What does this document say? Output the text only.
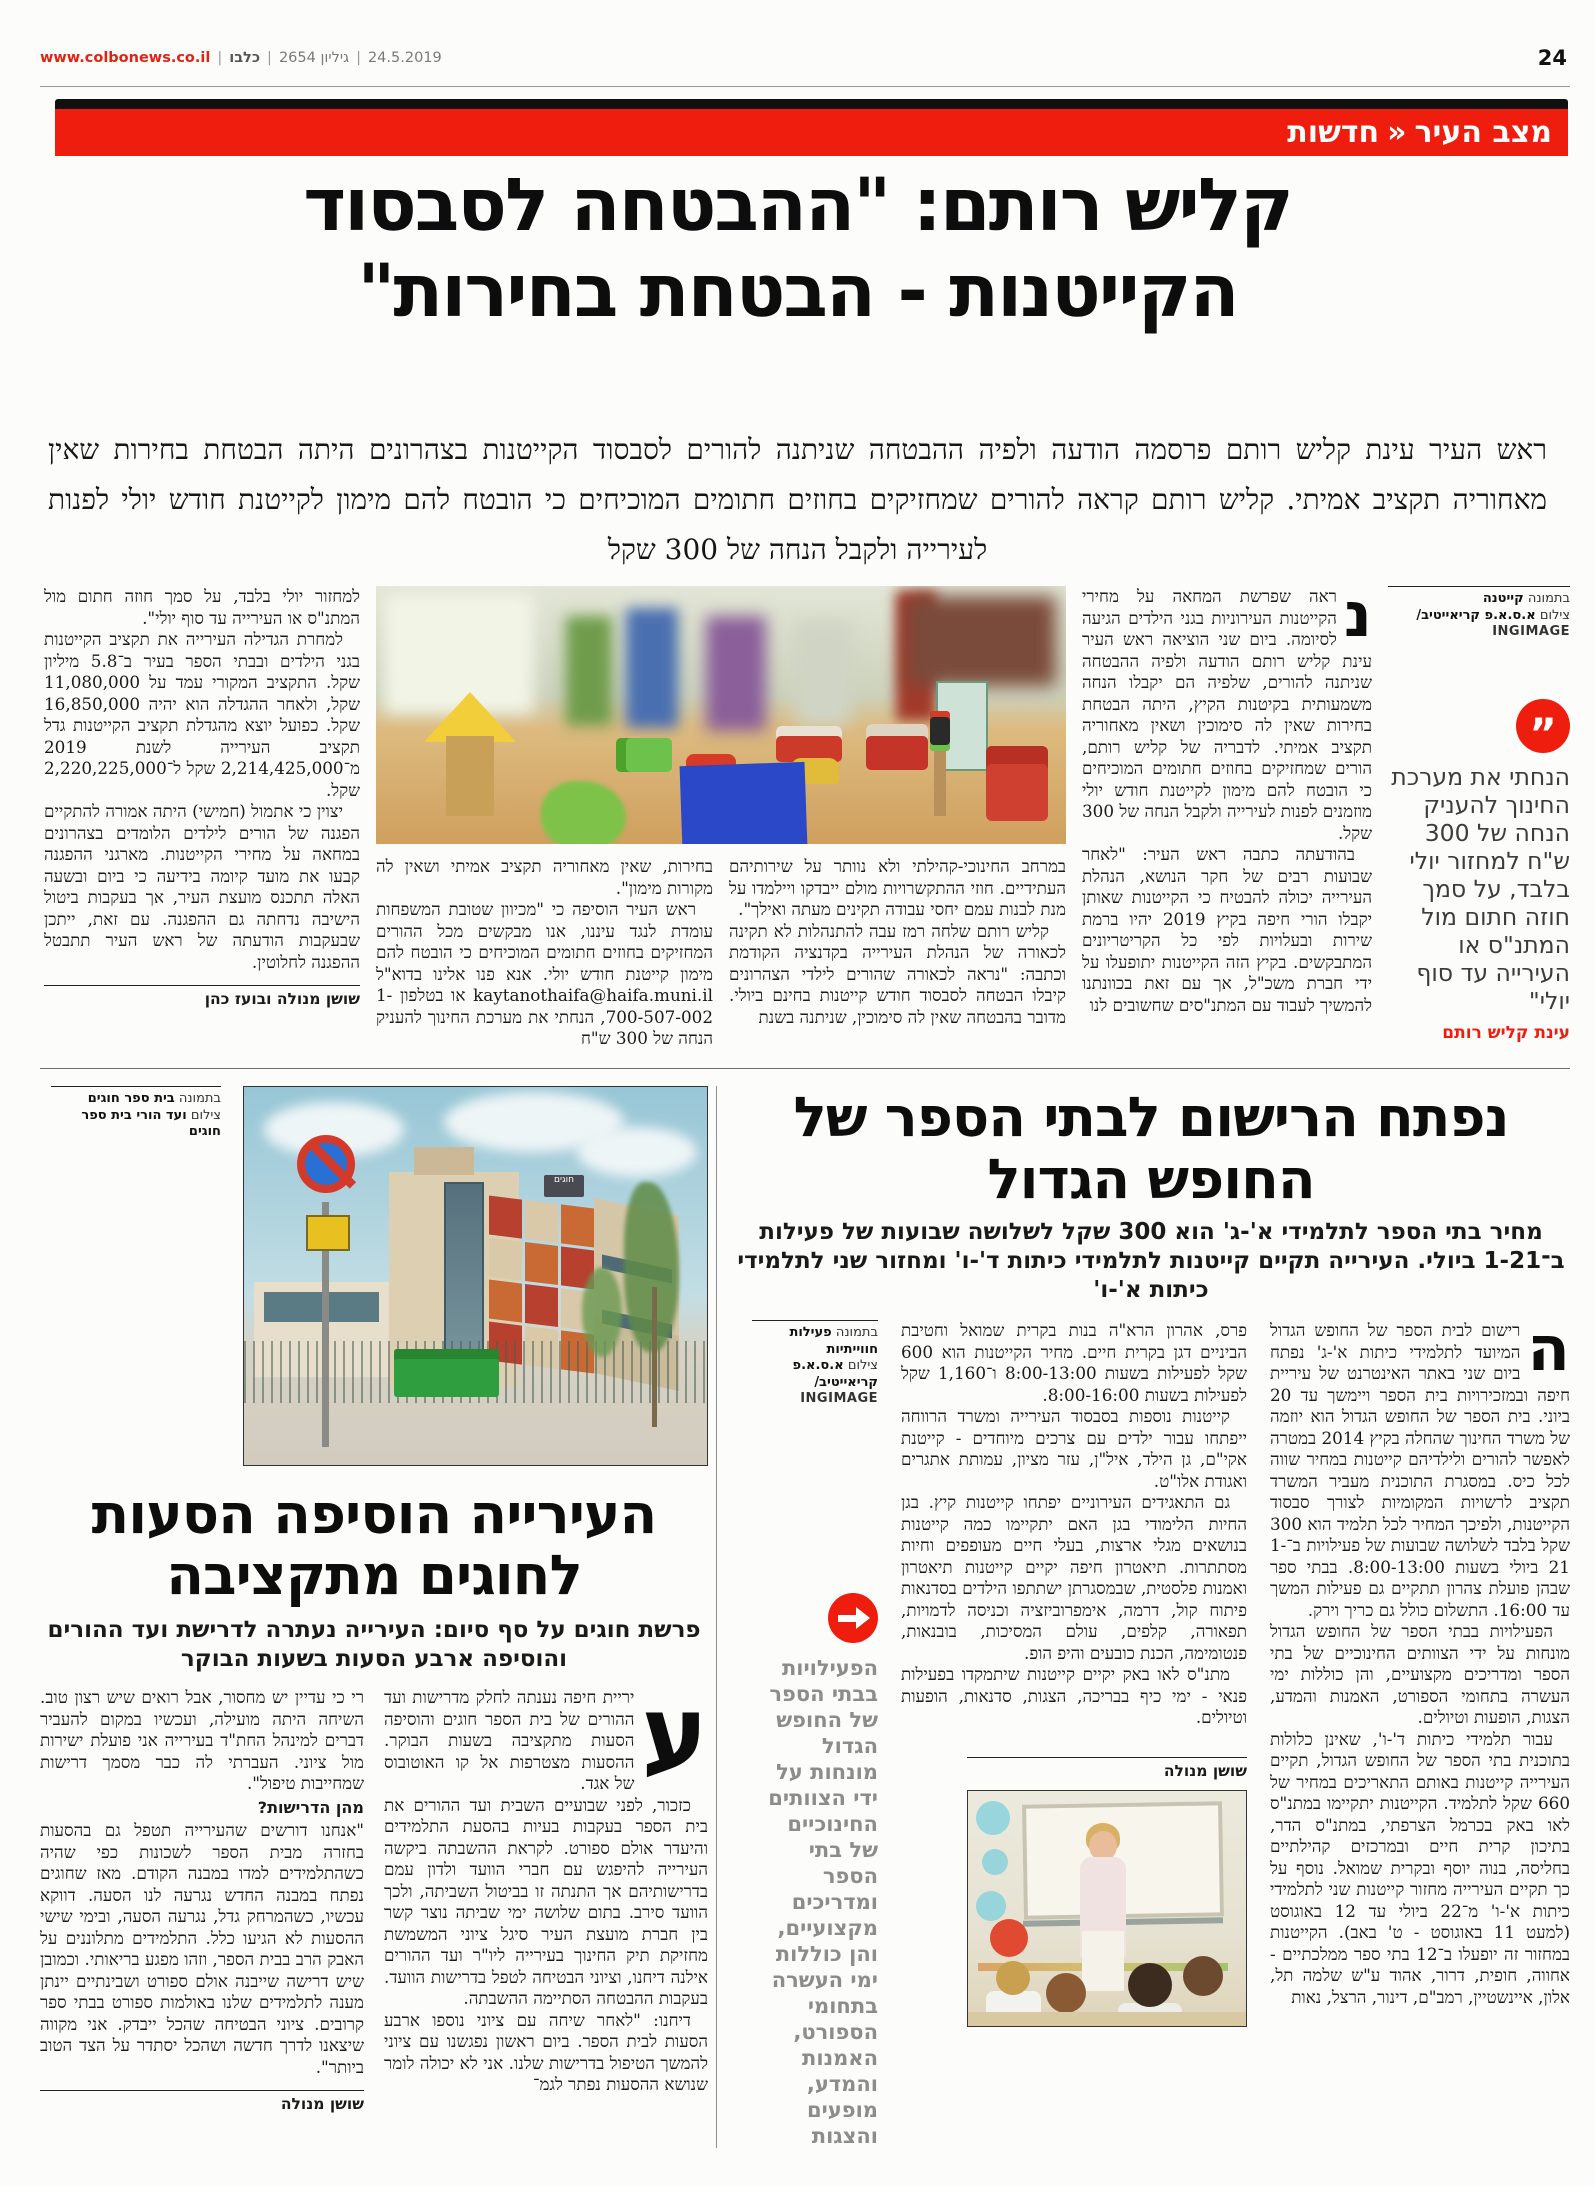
www.colbonews.co.il | כלבו | גיליון 2654 | 24.5.2019	24
מצב העיר
«
חדשות
קליש רותם: "ההבטחה לסבסוד
הקייטנות - הבטחת בחירות"
ראש העיר עינת קליש רותם פרסמה הודעה ולפיה ההבטחה שניתנה להורים לסבסוד הקייטנות בצהרונים היתה הבטחת בחירות שאין מאחוריה תקציב אמיתי. קליש רותם קראה להורים שמחזיקים בחוזים חתומים המוכיחים כי הובטח להם מימון לקייטנת חודש יולי לפנות לעירייה ולקבל הנחה של 300 שקל
בתמונה קייטנה
צילום א.ס.א.פ קריאייטיב/
INGIMAGE
”
הנחתי את מערכת החינוך להעניק הנחה של 300 ש"ח למחזור יולי בלבד, על סמך חוזה חתום מול המתנ"ס או העירייה עד סוף יולי"
עינת קליש רותם

נ
ראה שפרשת המחאה על מחירי הקייטנות העירוניות בגני הילדים הגיעה לסיומה. ביום שני הוציאה ראש העיר עינת קליש רותם הודעה ולפיה ההבטחה שניתנה להורים, שלפיה הם יקבלו הנחה משמעותית בקיטנות הקיץ, היתה הבטחת בחירות שאין לה סימוכין ושאין מאחוריה תקציב אמיתי. לדבריה של קליש רותם, הורים שמחזיקים בחוזים חתומים המוכיחים כי הובטח להם מימון לקייטנת חודש יולי מוזמנים לפנות לעירייה ולקבל הנחה של 300 שקל.

בהודעתה כתבה ראש העיר: "לאחר שבועות רבים של חקר הנושא, הנהלת העירייה יכולה להבטיח כי הקייטנות שאותן יקבלו הורי חיפה בקיץ 2019 יהיו ברמת שירות ובעלויות לפי כל הקריטריונים המתבקשים. בקיץ הזה הקייטנות יתופעלו על ידי חברת משכ"ל, אך עם זאת בכוונתנו להמשיך לעבוד עם המתנ"סים שחשובים לנו

במרחב החינוכי-קהילתי ולא נוותר על שירותיהם העתידיים. חוזי ההתקשרויות מולם ייבדקו ויילמדו על מנת לבנות עמם יחסי עבודה תקינים מעתה ואילך".

קליש רותם שלחה רמז עבה להתנהלות לא תקינה לכאורה של הנהלת העירייה בקדנציה הקודמת וכתבה: "נראה לכאורה שהורים לילדי הצהרונים קיבלו הבטחה לסבסוד חודש קייטנות בחינם ביולי. מדובר בהבטחה שאין לה סימוכין, שניתנה בשנת

בחירות, שאין מאחוריה תקציב אמיתי ושאין לה מקורות מימון".

ראש העיר הוסיפה כי "מכיוון שטובת המשפחות עומדת לנגד עיננו, אנו מבקשים מכל ההורים המחזיקים בחוזים חתומים המוכיחים כי הובטח להם מימון קייטנת חודש יולי. אנא פנו אלינו בדוא"ל kaytanothaifa@haifa.muni.il או בטלפון 1-700-507-002, הנחתי את מערכת החינוך להעניק הנחה של 300 ש"ח

למחזור יולי בלבד, על סמך חוזה חתום מול המתנ"ס או העירייה עד סוף יולי".

למחרת הגדילה העירייה את תקציב הקייטנות בגני הילדים ובבתי הספר בעיר ב־5.8 מיליון שקל. התקציב המקורי עמד על 11,080,000 שקל, ולאחר ההגדלה הוא יהיה 16,850,000 שקל. כפועל יוצא מהגדלת תקציב הקייטנות גדל תקציב העירייה לשנת 2019 מ־2,214,425,000 שקל ל־2,220,225,000 שקל.

יצוין כי אתמול (חמישי) היתה אמורה להתקיים הפגנה של הורים לילדים הלומדים בצהרונים במחאה על מחירי הקייטנות. מארגני ההפגנה קבעו את מועד קיומה בידיעה כי ביום ובשעה האלה תתכנס מועצת העיר, אך בעקבות ביטול הישיבה נדחתה גם ההפגנה. עם זאת, ייתכן שבעקבות הודעתה של ראש העיר תתבטל ההפגנה לחלוטין.

שושן מנולה ובועז כהן
חוגים
בתמונה בית ספר חוגים
צילום ועד הורי בית ספר חוגים
העירייה הוסיפה הסעות
לחוגים מתקציבה
פרשת חוגים על סף סיום: העירייה נעתרה לדרישת ועד ההורים והוסיפה ארבע הסעות בשעות הבוקר

ע
יריית חיפה נענתה לחלק מדרישות ועד ההורים של בית הספר חוגים והוסיפה הסעות מתקציבה בשעות הבוקר. ההסעות מצטרפות אל קו האוטובוס של אגד.

כזכור, לפני שבועיים השבית ועד ההורים את בית הספר בעקבות בעיות בהסעת התלמידים והיעדר אולם ספורט. לקראת ההשבתה ביקשה העירייה להיפגש עם חברי הוועד ולדון עמם בדרישותיהם אך התנתה זו בביטול השביתה, ולכך הוועד סירב. בתום שלושה ימי שביתה נוצר קשר בין חברת מועצת העיר סיגל ציוני המשמשת מחזיקת תיק החינוך בעירייה ליו"ר ועד ההורים אילנה דיחנו, וציוני הבטיחה לטפל בדרישות הוועד. בעקבות ההבטחה הסתיימה ההשבתה.

דיחנו: "לאחר שיחה עם ציוני נוספו ארבע הסעות לבית הספר. ביום ראשון נפגשנו עם ציוני להמשך הטיפול בדרישות שלנו. אני לא יכולה לומר שנושא ההסעות נפתר לגמ־

רי כי עדיין יש מחסור, אבל רואים שיש רצון טוב. השיחה היתה מועילה, ועכשיו במקום להעביר דברים למינהל החת"ד בעירייה אני פועלת ישירות מול ציוני. העברתי לה כבר מסמך דרישות שמחייבות טיפול".

מהן הדרישות?

"אנחנו דורשים שהעירייה תטפל גם בהסעות בחזרה מבית הספר לשכונות כפי שהיה כשהתלמידים למדו במבנה הקודם. מאז שחוגים נפתח במבנה החדש נגרעה לנו הסעה. דווקא עכשיו, כשהמרחק גדל, נגרעה הסעה, ובימי שישי ההסעות לא הגיעו כלל. התלמידים מתלוננים על האבק הרב בבית הספר, וזהו מפגע בריאותי. וכמובן שיש דרישה שייבנה אולם ספורט ושבינתיים יינתן מענה לתלמידים שלנו באולמות ספורט בבתי ספר קרובים. ציוני הבטיחה שהכל ייבדק. אני מקווה שיצאנו לדרך חדשה ושהכל יסתדר על הצד הטוב ביותר".

שושן מנולה
נפתח הרישום לבתי הספר של
החופש הגדול
מחיר בתי הספר לתלמידי א'-ג' הוא 300 שקל לשלושה שבועות של פעילות ב־1-21 ביולי. העירייה תקיים קייטנות לתלמידי כיתות ד'-ו' ומחזור שני לתלמידי כיתות א'-ו'

ה
רישום לבית הספר של החופש הגדול המיועד לתלמידי כיתות א'-ג' נפתח ביום שני באתר האינטרנט של עיריית חיפה ובמזכירויות בית הספר ויימשך עד 20 ביוני. בית הספר של החופש הגדול הוא יוזמה של משרד החינוך שהחלה בקיץ 2014 במטרה לאפשר להורים ולילדיהם קייטנות במחיר שווה לכל כיס. במסגרת התוכנית מעביר המשרד תקציב לרשויות המקומיות לצורך סבסוד הקייטנות, ולפיכך המחיר לכל תלמיד הוא 300 שקל בלבד לשלושה שבועות של פעילויות ב־1-21 ביולי בשעות 8:00-13:00. בבתי ספר שבהן פועלת צהרון תתקיים גם פעילות המשך עד 16:00. התשלום כולל גם כריך וירק.

הפעילויות בבתי הספר של החופש הגדול מונחות על ידי הצוותים החינוכיים של בתי הספר ומדריכים מקצועיים, והן כוללות ימי העשרה בתחומי הספורט, האמנות והמדע, הצגות, הופעות וטיולים.

עבור תלמידי כיתות ד'-ו', שאינן כלולות בתוכנית בתי הספר של החופש הגדול, תקיים העירייה קייטנות באותם התאריכים במחיר של 660 שקל לתלמיד. הקייטנות יתקיימו במתנ"ס לאו באק בכרמל הצרפתי, במתנ"ס הדר, בתיכון קרית חיים ובמרכזים קהילתיים בחליסה, בנוה יוסף ובקרית שמואל. נוסף על כך תקיים העירייה מחזור קייטנות שני לתלמידי כיתות א'-ו' מ־22 ביולי עד 12 באוגוסט (למעט 11 באוגוסט - ט' באב). הקייטנות במחזור זה יופעלו ב־12 בתי ספר ממלכתיים - אחווה, חופית, דרור, אהוד ע"ש שלמה תל, אלון, איינשטיין, רמב"ם, דינור, הרצל, נאות

פרס, אהרון הרא"ה בנות בקרית שמואל וחטיבת הביניים דגן בקרית חיים. מחיר הקייטנות הוא 600 שקל לפעילות בשעות 8:00-13:00 ו־1,160 שקל לפעילות בשעות 8:00-16:00.

קייטנות נוספות בסבסוד העירייה ומשרד הרווחה ייפתחו עבור ילדים עם צרכים מיוחדים - קייטנת אקי"ם, גן הילד, איל"ן, עזר מציון, עמותת אתגרים ואגודת אלו"ט.

גם התאגידים העירוניים יפתחו קייטנות קיץ. בגן החיות הלימודי בגן האם יתקיימו כמה קייטנות בנושאים מגלי ארצות, בעלי חיים מעופפים וחיות מסתתרות. תיאטרון חיפה יקיים קייטנות תיאטרון ואמנות פלסטית, שבמסגרתן ישתתפו הילדים בסדנאות פיתוח קול, דרמה, אימפרוביזציה וכניסה לדמויות, תפאורה, קלפים, עולם המסיכות, בובנאות, פנטומימה, הכנת כובעים והיפ הופ.

מתנ"ס לאו באק יקיים קייטנות שיתמקדו בפעילות פנאי - ימי כיף בבריכה, הצגות, סדנאות, הופעות וטיולים.

שושן מנולה
בתמונה פעילות חווייתיות
צילום א.ס.א.פ קריאייטיב/
INGIMAGE
הפעילויות בבתי הספר של החופש הגדול מונחות על ידי הצוותים החינוכיים של בתי הספר ומדריכים מקצועיים, והן כוללות ימי העשרה בתחומי הספורט, האמנות והמדע, מופעים והצגות
